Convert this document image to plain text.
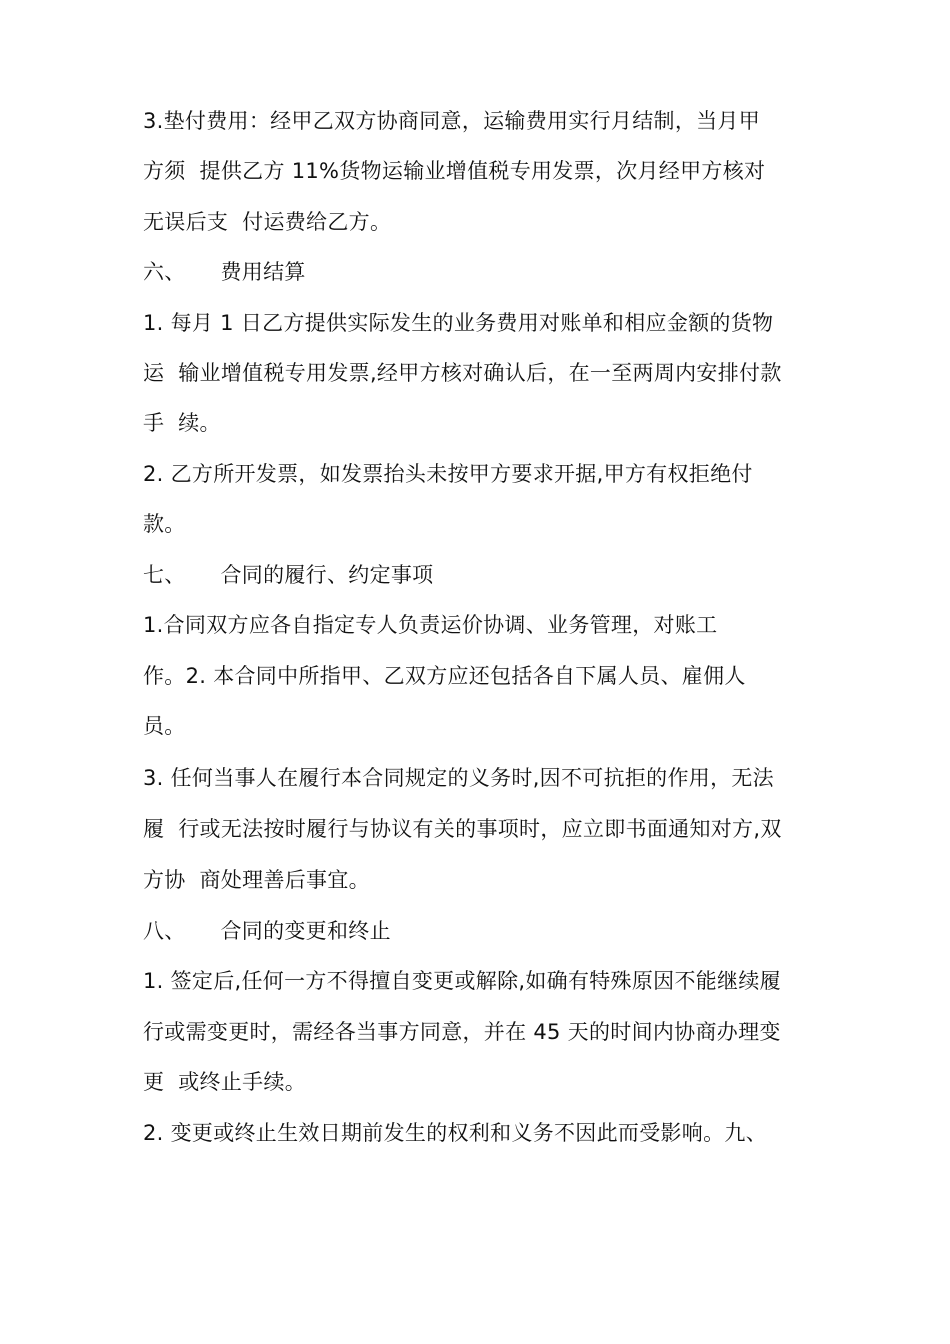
3.垫付费用：经甲乙双方协商同意，运输费用实行月结制，当月甲
方须  提供乙方 11%货物运输业增值税专用发票，次月经甲方核对
无误后支  付运费给乙方。
六、     费用结算
1. 每月 1 日乙方提供实际发生的业务费用对账单和相应金额的货物
运  输业增值税专用发票,经甲方核对确认后，在一至两周内安排付款
手  续。
2. 乙方所开发票，如发票抬头未按甲方要求开据,甲方有权拒绝付
款。
七、     合同的履行、约定事项
1.合同双方应各自指定专人负责运价协调、业务管理，对账工
作。2. 本合同中所指甲、乙双方应还包括各自下属人员、雇佣人
员。
3. 任何当事人在履行本合同规定的义务时,因不可抗拒的作用，无法
履  行或无法按时履行与协议有关的事项时，应立即书面通知对方,双
方协  商处理善后事宜。
八、     合同的变更和终止
1. 签定后,任何一方不得擅自变更或解除,如确有特殊原因不能继续履
行或需变更时，需经各当事方同意，并在 45 天的时间内协商办理变
更  或终止手续。
2. 变更或终止生效日期前发生的权利和义务不因此而受影响。九、
